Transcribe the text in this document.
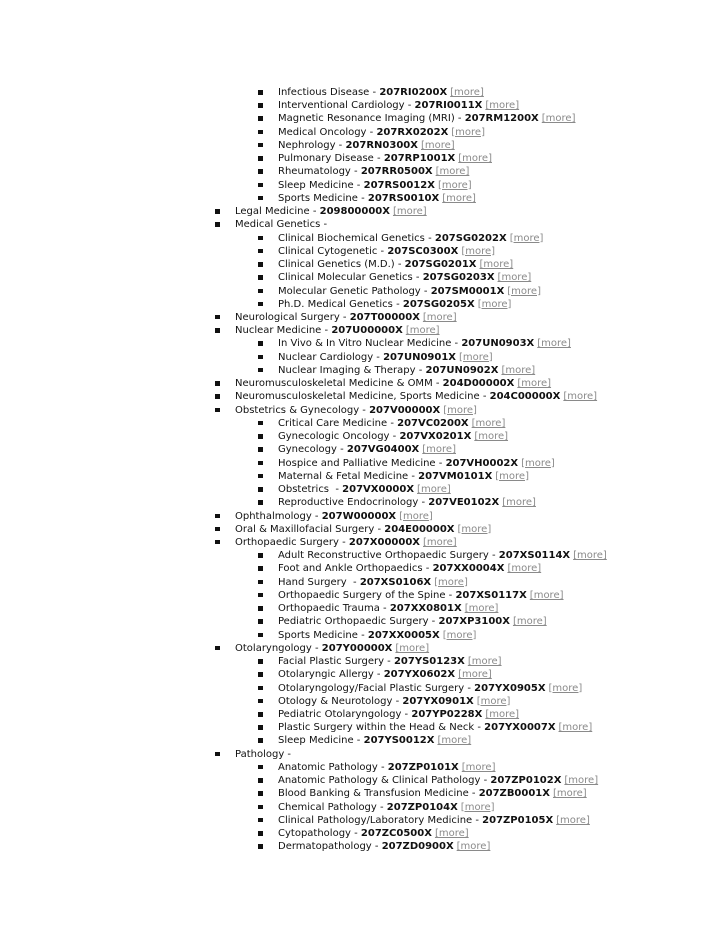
Infectious Disease - 207RI0200X [more]
Interventional Cardiology - 207RI0011X [more]
Magnetic Resonance Imaging (MRI) - 207RM1200X [more]
Medical Oncology - 207RX0202X [more]
Nephrology - 207RN0300X [more]
Pulmonary Disease - 207RP1001X [more]
Rheumatology - 207RR0500X [more]
Sleep Medicine - 207RS0012X [more]
Sports Medicine - 207RS0010X [more]
Legal Medicine - 209800000X [more]
Medical Genetics -
Clinical Biochemical Genetics - 207SG0202X [more]
Clinical Cytogenetic - 207SC0300X [more]
Clinical Genetics (M.D.) - 207SG0201X [more]
Clinical Molecular Genetics - 207SG0203X [more]
Molecular Genetic Pathology - 207SM0001X [more]
Ph.D. Medical Genetics - 207SG0205X [more]
Neurological Surgery - 207T00000X [more]
Nuclear Medicine - 207U00000X [more]
In Vivo & In Vitro Nuclear Medicine - 207UN0903X [more]
Nuclear Cardiology - 207UN0901X [more]
Nuclear Imaging & Therapy - 207UN0902X [more]
Neuromusculoskeletal Medicine & OMM - 204D00000X [more]
Neuromusculoskeletal Medicine, Sports Medicine - 204C00000X [more]
Obstetrics & Gynecology - 207V00000X [more]
Critical Care Medicine - 207VC0200X [more]
Gynecologic Oncology - 207VX0201X [more]
Gynecology - 207VG0400X [more]
Hospice and Palliative Medicine - 207VH0002X [more]
Maternal & Fetal Medicine - 207VM0101X [more]
Obstetrics  - 207VX0000X [more]
Reproductive Endocrinology - 207VE0102X [more]
Ophthalmology - 207W00000X [more]
Oral & Maxillofacial Surgery - 204E00000X [more]
Orthopaedic Surgery - 207X00000X [more]
Adult Reconstructive Orthopaedic Surgery - 207XS0114X [more]
Foot and Ankle Orthopaedics - 207XX0004X [more]
Hand Surgery  - 207XS0106X [more]
Orthopaedic Surgery of the Spine - 207XS0117X [more]
Orthopaedic Trauma - 207XX0801X [more]
Pediatric Orthopaedic Surgery - 207XP3100X [more]
Sports Medicine - 207XX0005X [more]
Otolaryngology - 207Y00000X [more]
Facial Plastic Surgery - 207YS0123X [more]
Otolaryngic Allergy - 207YX0602X [more]
Otolaryngology/Facial Plastic Surgery - 207YX0905X [more]
Otology & Neurotology - 207YX0901X [more]
Pediatric Otolaryngology - 207YP0228X [more]
Plastic Surgery within the Head & Neck - 207YX0007X [more]
Sleep Medicine - 207YS0012X [more]
Pathology -
Anatomic Pathology - 207ZP0101X [more]
Anatomic Pathology & Clinical Pathology - 207ZP0102X [more]
Blood Banking & Transfusion Medicine - 207ZB0001X [more]
Chemical Pathology - 207ZP0104X [more]
Clinical Pathology/Laboratory Medicine - 207ZP0105X [more]
Cytopathology - 207ZC0500X [more]
Dermatopathology - 207ZD0900X [more]
